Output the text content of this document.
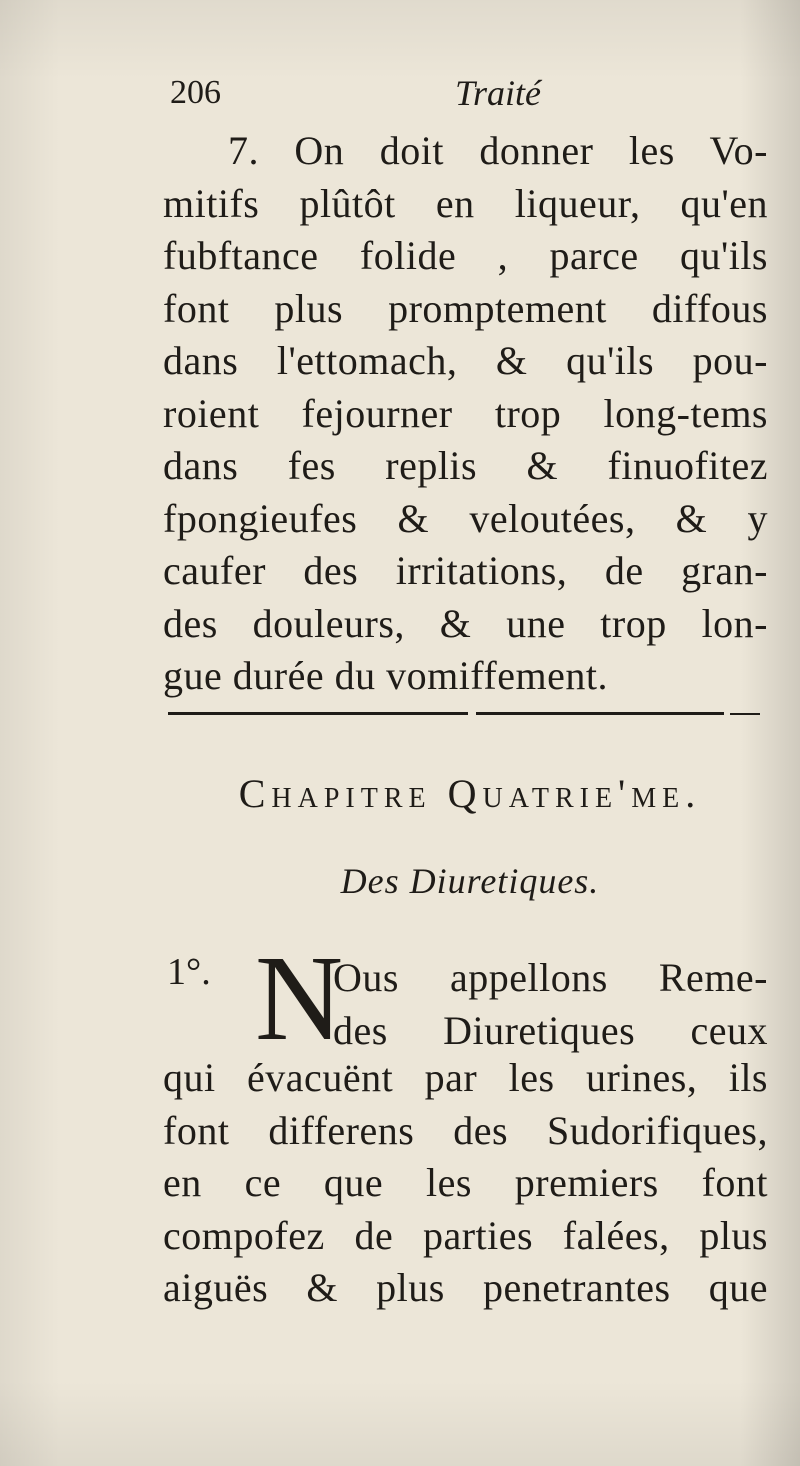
206	Traité
7. On doit donner les Vo-
mitifs plûtôt en liqueur, qu'en
fubftance folide , parce qu'ils
font plus promptement diffous
dans l'ettomach, & qu'ils pou-
roient fejourner trop long-tems
dans fes replis & finuofitez
fpongieufes & veloutées, & y
caufer des irritations, de gran-
des douleurs, & une trop lon-
gue durée du vomiffement.
Chapitre Quatrie'me.
Des Diuretiques.
1°. N
Ous appellons Reme-
des Diuretiques ceux
qui évacuënt par les urines, ils
font differens des Sudorifiques,
en ce que les premiers font
compofez de parties falées, plus
aiguës & plus penetrantes que
